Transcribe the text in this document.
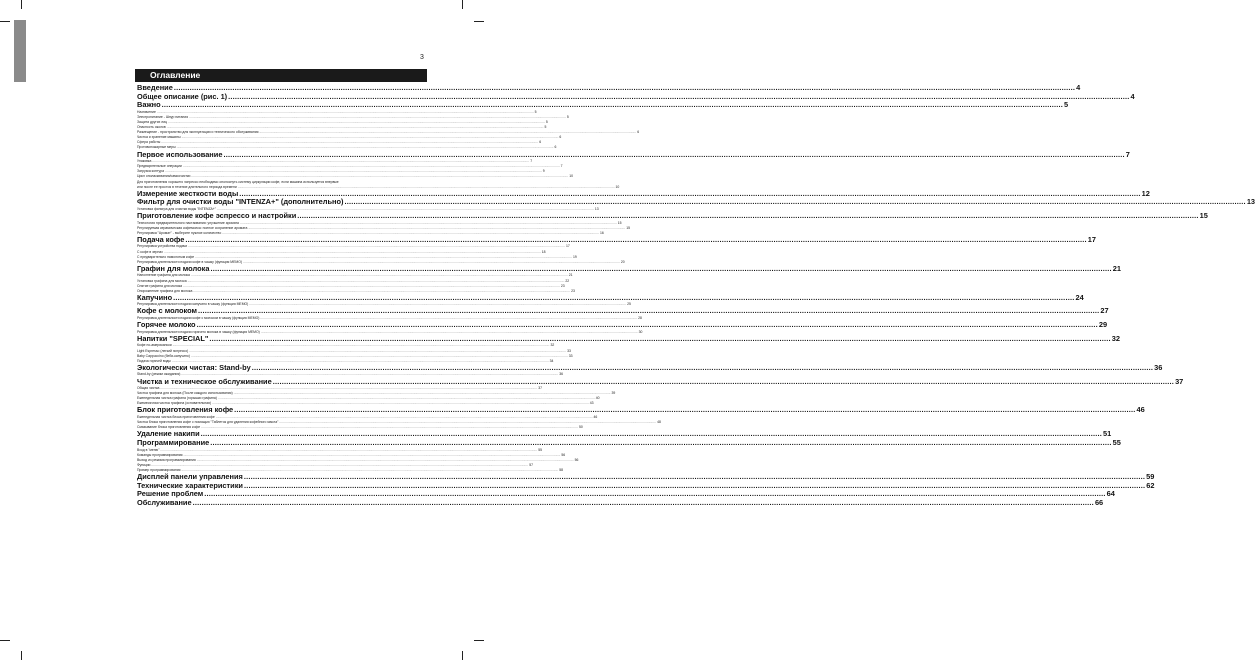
3
Оглавление
Введение ................................................................................................................................................................................................................................................................................................................................................................................................................ 4
Общее описание (рис. 1) ................................................................................................................................................................................................................................................................................................................................................................................................................ 4
Важно ................................................................................................................................................................................................................................................................................................................................................................................................................ 5
Назначение ................................................................................................................................................................................................................................................................................................................................................................................................................ 5
Электропитание - Шнур питания ................................................................................................................................................................................................................................................................................................................................................................................................................ 5
Защита других лиц ................................................................................................................................................................................................................................................................................................................................................................................................................ 5
Опасность ожогов ................................................................................................................................................................................................................................................................................................................................................................................................................ 5
Размещение - пространство для эксплуатации и технического обслуживания ................................................................................................................................................................................................................................................................................................................................................................................................................ 6
Чистка и хранение машины ................................................................................................................................................................................................................................................................................................................................................................................................................ 6
Сфера работы ................................................................................................................................................................................................................................................................................................................................................................................................................ 6
Противопожарные меры ................................................................................................................................................................................................................................................................................................................................................................................................................ 6
Первое использование ................................................................................................................................................................................................................................................................................................................................................................................................................ 7
Упаковка ................................................................................................................................................................................................................................................................................................................................................................................................................ 7
Предварительные операции ................................................................................................................................................................................................................................................................................................................................................................................................................ 7
Загрузка контура ................................................................................................................................................................................................................................................................................................................................................................................................................ 9
Цикл ополаскивания/самоочистки ................................................................................................................................................................................................................................................................................................................................................................................................................ 10
Для приготовления хорошего эспрессо необходимо ополоснуть систему циркуляции кофе, если машина используется впервые
или после ее простоя в течение длительного периода времени ................................................................................................................................................................................................................................................................................................................................................................................................................ 10
Измерение жесткости воды ................................................................................................................................................................................................................................................................................................................................................................................................................ 12
Фильтр для очистки воды "INTENZA+" (дополнительно) ................................................................................................................................................................................................................................................................................................................................................................................................................ 13
Установка фильтра для очистки воды "INTENZA+" ................................................................................................................................................................................................................................................................................................................................................................................................................ 13
Приготовление кофе эспрессо и настройки ................................................................................................................................................................................................................................................................................................................................................................................................................ 15
Технология предварительного настаивания: улучшение аромата ................................................................................................................................................................................................................................................................................................................................................................................................................ 15
Регулируемая керамическая кофемолка: полное сохранение аромата ................................................................................................................................................................................................................................................................................................................................................................................................................ 15
Регулировка "Аромат" - выберите нужное количество ................................................................................................................................................................................................................................................................................................................................................................................................................ 16
Подача кофе ................................................................................................................................................................................................................................................................................................................................................................................................................ 17
Регулировка устройства подачи ................................................................................................................................................................................................................................................................................................................................................................................................................ 17
С кофе в зернах ................................................................................................................................................................................................................................................................................................................................................................................................................ 18
С предварительно намолотым кофе ................................................................................................................................................................................................................................................................................................................................................................................................................ 19
Регулировка длительности подачи кофе в чашку (функция MEMO) ................................................................................................................................................................................................................................................................................................................................................................................................................ 20
Графин для молока ................................................................................................................................................................................................................................................................................................................................................................................................................ 21
Наполнение графина для молока ................................................................................................................................................................................................................................................................................................................................................................................................................ 21
Установка графина для молока ................................................................................................................................................................................................................................................................................................................................................................................................................ 22
Снятие графина для молока ................................................................................................................................................................................................................................................................................................................................................................................................................ 23
Опорожнение графина для молока ................................................................................................................................................................................................................................................................................................................................................................................................................ 23
Капучино ................................................................................................................................................................................................................................................................................................................................................................................................................ 24
Регулировка длительности подачи капучино в чашку (функция MEMO) ................................................................................................................................................................................................................................................................................................................................................................................................................ 25
Кофе с молоком ................................................................................................................................................................................................................................................................................................................................................................................................................ 27
Регулировка длительности подачи кофе с молоком в чашку (функция MEMO) ................................................................................................................................................................................................................................................................................................................................................................................................................ 28
Горячее молоко ................................................................................................................................................................................................................................................................................................................................................................................................................ 29
Регулировка длительности подачи горячего молока в чашку (функция MEMO) ................................................................................................................................................................................................................................................................................................................................................................................................................ 30
Напитки "SPECIAL" ................................................................................................................................................................................................................................................................................................................................................................................................................ 32
Кофе по-американски ................................................................................................................................................................................................................................................................................................................................................................................................................ 32
Light Espresso (легкий эспрессо) ................................................................................................................................................................................................................................................................................................................................................................................................................ 33
Baby Cappuccino (беби-капучино) ................................................................................................................................................................................................................................................................................................................................................................................................................ 33
Подача горячей воды ................................................................................................................................................................................................................................................................................................................................................................................................................ 34
Экологически чистая: Stand-by ................................................................................................................................................................................................................................................................................................................................................................................................................ 36
Stand-by (режим ожидания) ................................................................................................................................................................................................................................................................................................................................................................................................................ 36
Чистка и техническое обслуживание ................................................................................................................................................................................................................................................................................................................................................................................................................ 37
Общая чистка ................................................................................................................................................................................................................................................................................................................................................................................................................ 37
Чистка графина для молока (После каждого использования) ................................................................................................................................................................................................................................................................................................................................................................................................................ 39
Еженедельная чистка графина (горышки графина) ................................................................................................................................................................................................................................................................................................................................................................................................................ 40
Ежемесячная чистка графина (основательная) ................................................................................................................................................................................................................................................................................................................................................................................................................ 43
Блок приготовления кофе ................................................................................................................................................................................................................................................................................................................................................................................................................ 46
Еженедельная чистка блока приготовления кофе ................................................................................................................................................................................................................................................................................................................................................................................................................ 46
Чистка блока приготовления кофе с помощью "Таблеток для удаления кофейного масла" ................................................................................................................................................................................................................................................................................................................................................................................................................ 48
Смазывание блока приготовления кофе ................................................................................................................................................................................................................................................................................................................................................................................................................ 50
Удаление накипи ................................................................................................................................................................................................................................................................................................................................................................................................................ 51
Программирование ................................................................................................................................................................................................................................................................................................................................................................................................................ 55
Вход в "меню" ................................................................................................................................................................................................................................................................................................................................................................................................................ 55
Команды программирования ................................................................................................................................................................................................................................................................................................................................................................................................................ 56
Выход из режима программирования ................................................................................................................................................................................................................................................................................................................................................................................................................ 56
Функции ................................................................................................................................................................................................................................................................................................................................................................................................................ 57
Пример программирования ................................................................................................................................................................................................................................................................................................................................................................................................................ 58
Дисплей панели управления ................................................................................................................................................................................................................................................................................................................................................................................................................ 59
Технические характеристики ................................................................................................................................................................................................................................................................................................................................................................................................................ 62
Решение проблем ................................................................................................................................................................................................................................................................................................................................................................................................................ 64
Обслуживание ................................................................................................................................................................................................................................................................................................................................................................................................................ 66
